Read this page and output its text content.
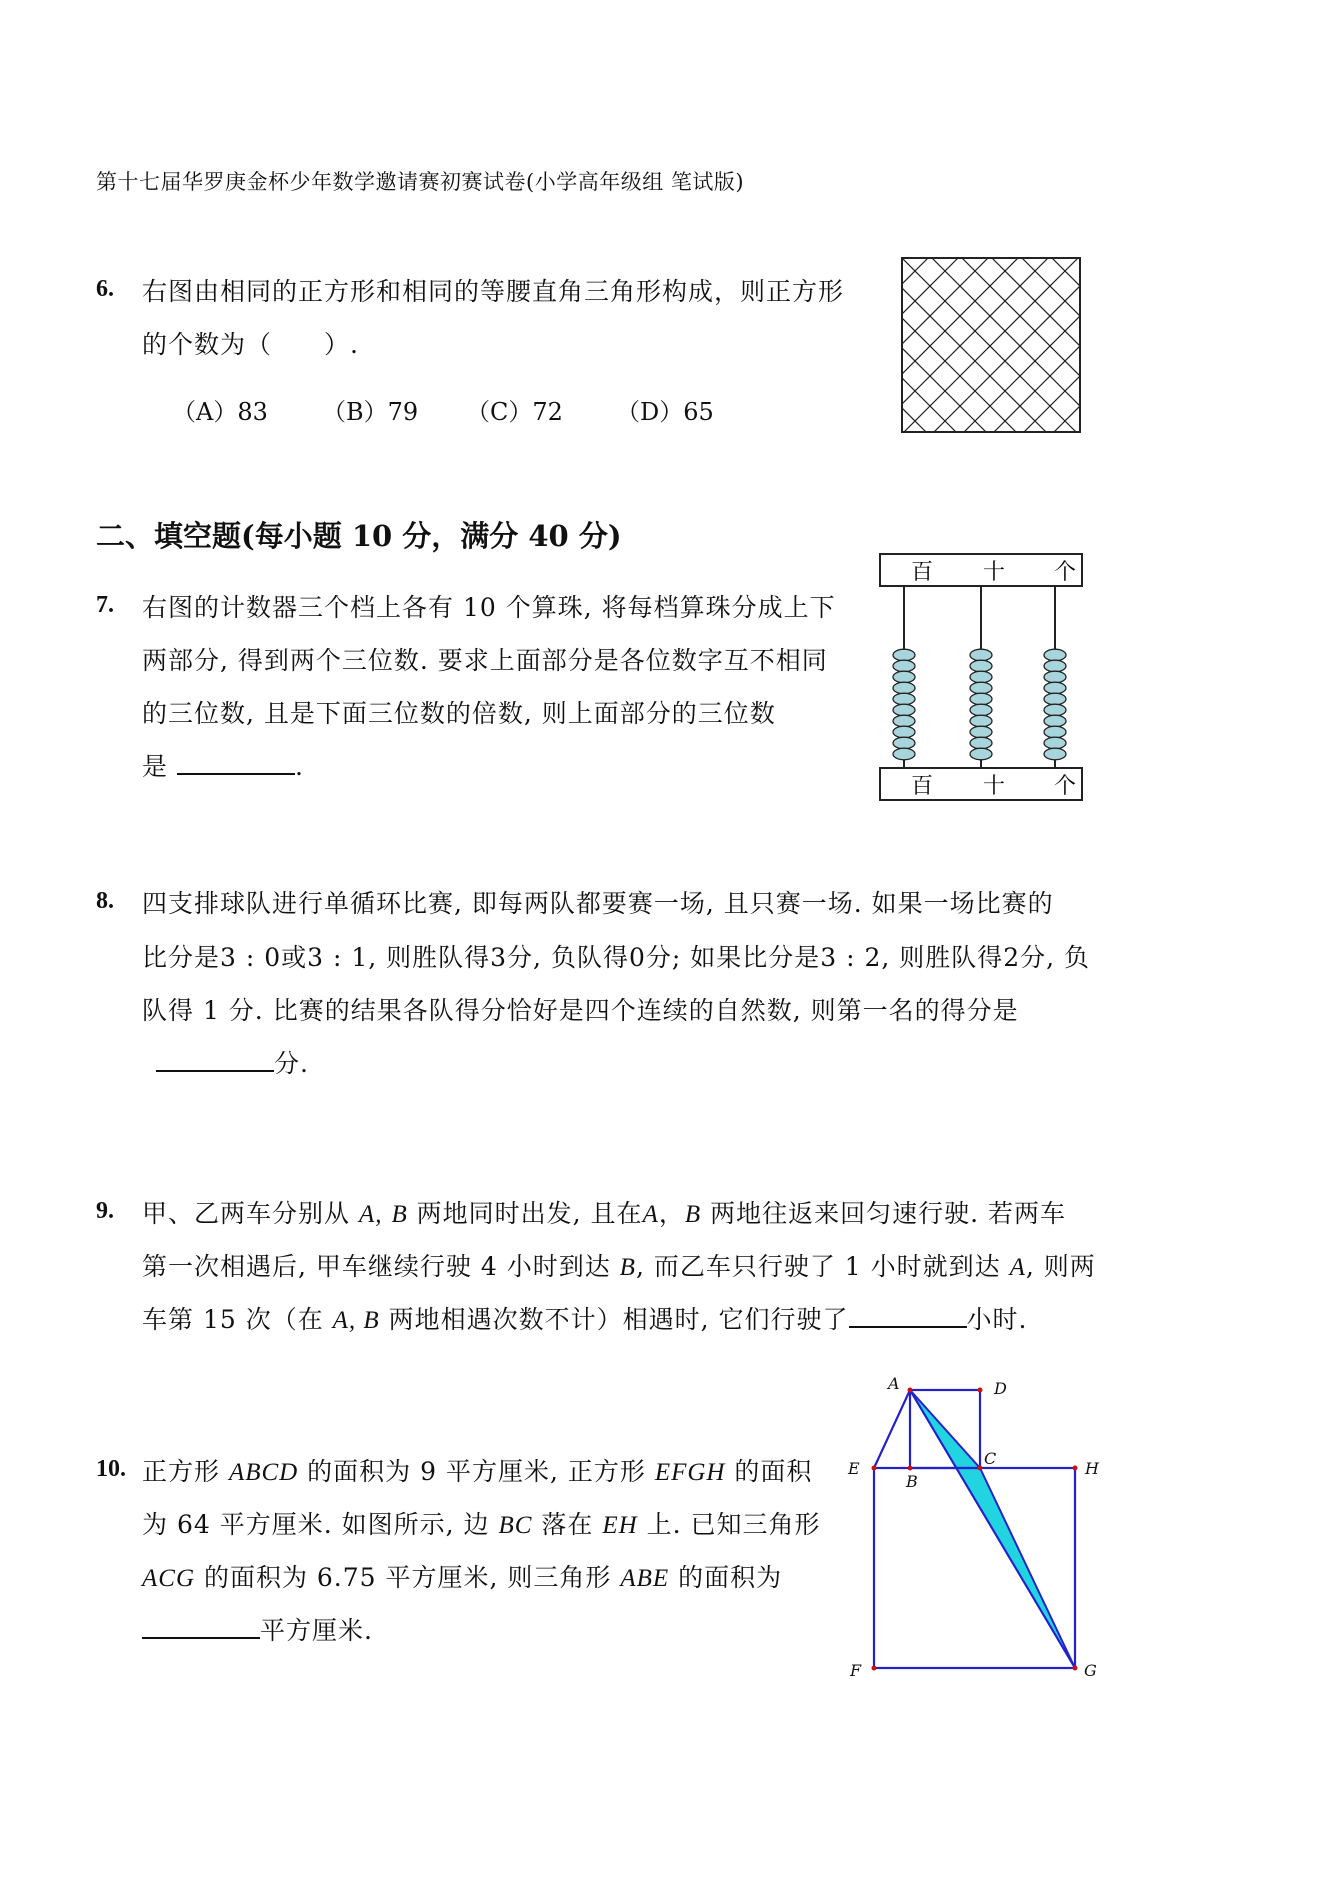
第十七届华罗庚金杯少年数学邀请赛初赛试卷(小学高年级组 笔试版)
6. 右图由相同的正方形和相同的等腰直角三角形构成，则正方形
的个数为（　　）.
（A）83 （B）79 （C）72 （D）65
二、填空题(每小题 10 分，满分 40 分)
7. 右图的计数器三个档上各有 10 个算珠, 将每档算珠分成上下
两部分, 得到两个三位数. 要求上面部分是各位数字互不相同
的三位数, 且是下面三位数的倍数, 则上面部分的三位数
是	.
百 十 个
百 十 个
8. 四支排球队进行单循环比赛, 即每两队都要赛一场, 且只赛一场. 如果一场比赛的
比分是3 : 0或3 : 1, 则胜队得3分, 负队得0分; 如果比分是3 : 2, 则胜队得2分, 负
队得 1 分. 比赛的结果各队得分恰好是四个连续的自然数, 则第一名的得分是
分.
9. 甲、乙两车分别从 A, B 两地同时出发, 且在A，B 两地往返来回匀速行驶. 若两车
第一次相遇后, 甲车继续行驶 4 小时到达 B, 而乙车只行驶了 1 小时就到达 A, 则两
车第 15 次（在 A, B 两地相遇次数不计）相遇时, 它们行驶了	小时.
10. 正方形 ABCD 的面积为 9 平方厘米, 正方形 EFGH 的面积
为 64 平方厘米. 如图所示, 边 BC 落在 EH 上. 已知三角形
ACG 的面积为 6.75 平方厘米, 则三角形 ABE 的面积为
平方厘米.
A
B
C
D
E
F	G
H
